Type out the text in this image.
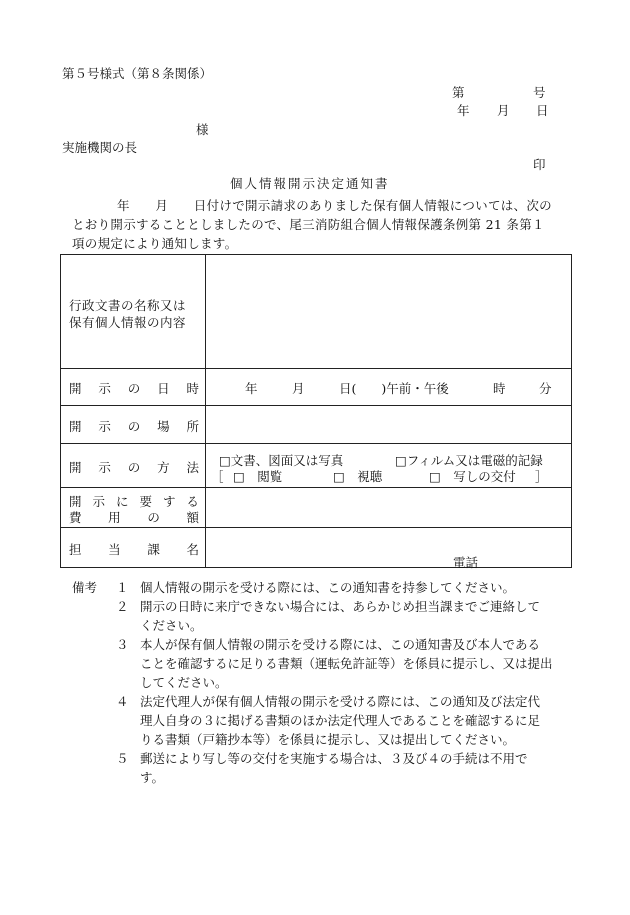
第５号様式（第８条関係）
第	号
年 月 日
様
実施機関の長
印
個人情報開示決定通知書
年　　月　　日付けで開示請求のありました保有個人情報については、次の
とおり開示することとしましたので、尾三消防組合個人情報保護条例第 21 条第１
項の規定により通知します。
行政文書の名称又は
保有個人情報の内容
開 示 の 日 時	年	月	日(　　)午前・午後	時	分
開 示 の 場 所
開 示 の 方 法 □文書、図面又は写真	□フィルム又は電磁的記録
［ □　閲覧	□　視聴	□　写しの交付 ］
開 示 に 要 す る
費 用 の 額
担 当 課 名
電話
備考 １ 個人情報の開示を受ける際には、この通知書を持参してください。
２ 開示の日時に来庁できない場合には、あらかじめ担当課までご連絡して
ください。
３ 本人が保有個人情報の開示を受ける際には、この通知書及び本人である
ことを確認するに足りる書類（運転免許証等）を係員に提示し、又は提出
してください。
４ 法定代理人が保有個人情報の開示を受ける際には、この通知及び法定代
理人自身の３に掲げる書類のほか法定代理人であることを確認するに足
りる書類（戸籍抄本等）を係員に提示し、又は提出してください。
５ 郵送により写し等の交付を実施する場合は、３及び４の手続は不用で
す。
